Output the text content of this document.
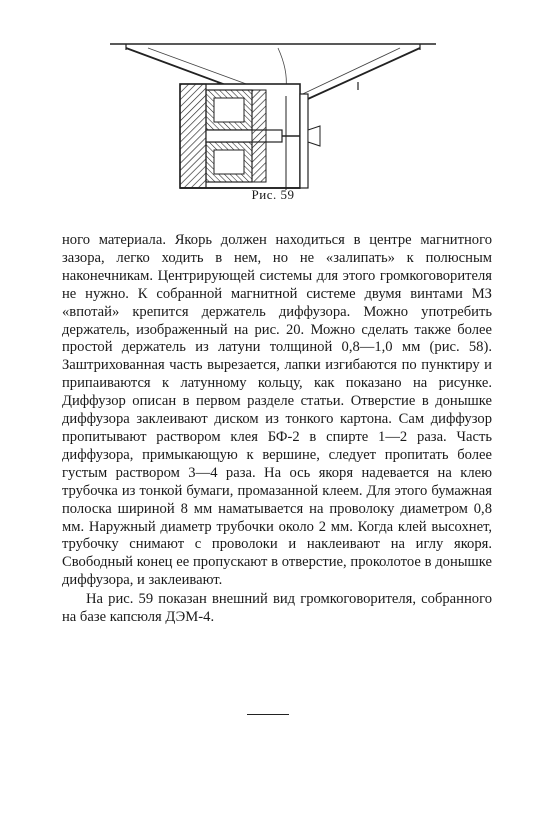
Рис. 59

ного материала. Якорь должен находиться в центре магнитного зазора, легко ходить в нем, но не «залипать» к полюсным наконечникам. Центрирующей системы для этого громкоговорителя не нужно. К собранной магнитной системе двумя винтами МЗ «впотай» крепится держатель диффузора. Можно употребить держатель, изображенный на рис. 20. Можно сделать также более простой держатель из латуни толщиной 0,8—1,0 мм (рис. 58). Заштрихованная часть вырезается, лапки изгибаются по пунктиру и припаиваются к латунному кольцу, как показано на рисунке. Диффузор описан в первом разделе статьи. Отверстие в донышке диффузора заклеивают диском из тонкого картона. Сам диффузор пропитывают раствором клея БФ-2 в спирте 1—2 раза. Часть диффузора, примыкающую к вершине, следует пропитать более густым раствором 3—4 раза. На ось якоря надевается на клею трубочка из тонкой бумаги, промазанной клеем. Для этого бумажная полоска шириной 8 мм наматывается на проволоку диаметром 0,8 мм. Наружный диаметр трубочки около 2 мм. Когда клей высохнет, трубочку снимают с проволоки и наклеивают на иглу якоря. Свободный конец ее пропускают в отверстие, проколотое в донышке диффузора, и заклеивают.

На рис. 59 показан внешний вид громкоговорителя, собранного на базе капсюля ДЭМ-4.
